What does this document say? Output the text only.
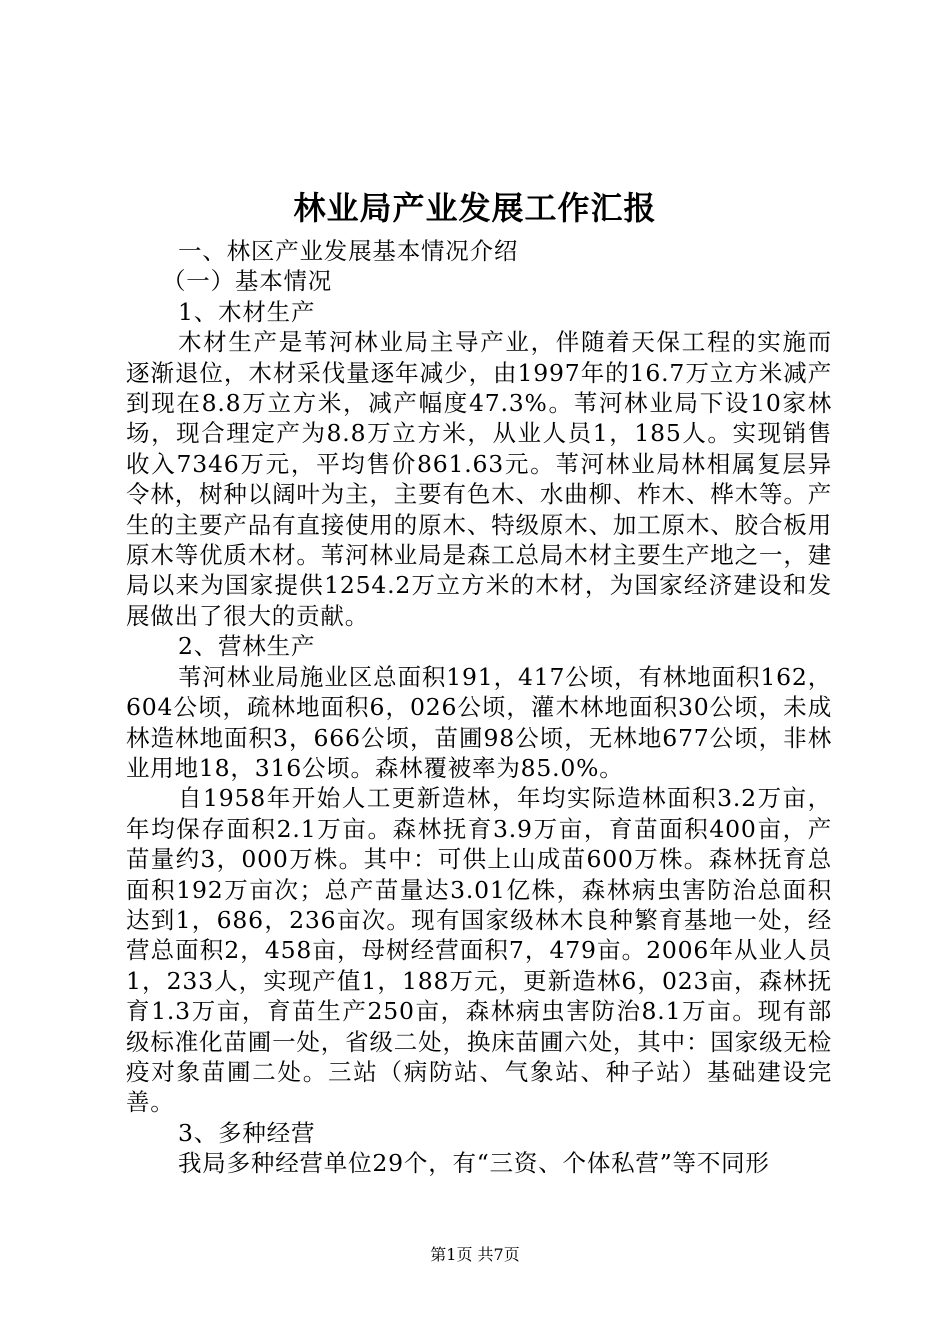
林业局产业发展工作汇报

一、林区产业发展基本情况介绍

（一）基本情况

1、木材生产

木材生产是苇河林业局主导产业，伴随着天保工程的实施而逐渐退位，木材采伐量逐年减少，由1997年的16.7万立方米减产到现在8.8万立方米，减产幅度47.3%。苇河林业局下设10家林场，现合理定产为8.8万立方米，从业人员1，185人。实现销售收入7346万元，平均售价861.63元。苇河林业局林相属复层异令林，树种以阔叶为主，主要有色木、水曲柳、柞木、桦木等。产生的主要产品有直接使用的原木、特级原木、加工原木、胶合板用原木等优质木材。苇河林业局是森工总局木材主要生产地之一，建局以来为国家提供1254.2万立方米的木材，为国家经济建设和发展做出了很大的贡献。

2、营林生产

苇河林业局施业区总面积191，417公顷，有林地面积162，604公顷，疏林地面积6，026公顷，灌木林地面积30公顷，未成林造林地面积3，666公顷，苗圃98公顷，无林地677公顷，非林业用地18，316公顷。森林覆被率为85.0%。

自1958年开始人工更新造林，年均实际造林面积3.2万亩，年均保存面积2.1万亩。森林抚育3.9万亩，育苗面积400亩，产苗量约3，000万株。其中：可供上山成苗600万株。森林抚育总面积192万亩次；总产苗量达3.01亿株，森林病虫害防治总面积达到1，686，236亩次。现有国家级林木良种繁育基地一处，经营总面积2，458亩，母树经营面积7，479亩。2006年从业人员1，233人，实现产值1，188万元，更新造林6，023亩，森林抚育1.3万亩，育苗生产250亩，森林病虫害防治8.1万亩。现有部级标准化苗圃一处，省级二处，换床苗圃六处，其中：国家级无检疫对象苗圃二处。三站（病防站、气象站、种子站）基础建设完善。

3、多种经营

我局多种经营单位29个，有“三资、个体私营”等不同形

第1页 共7页
